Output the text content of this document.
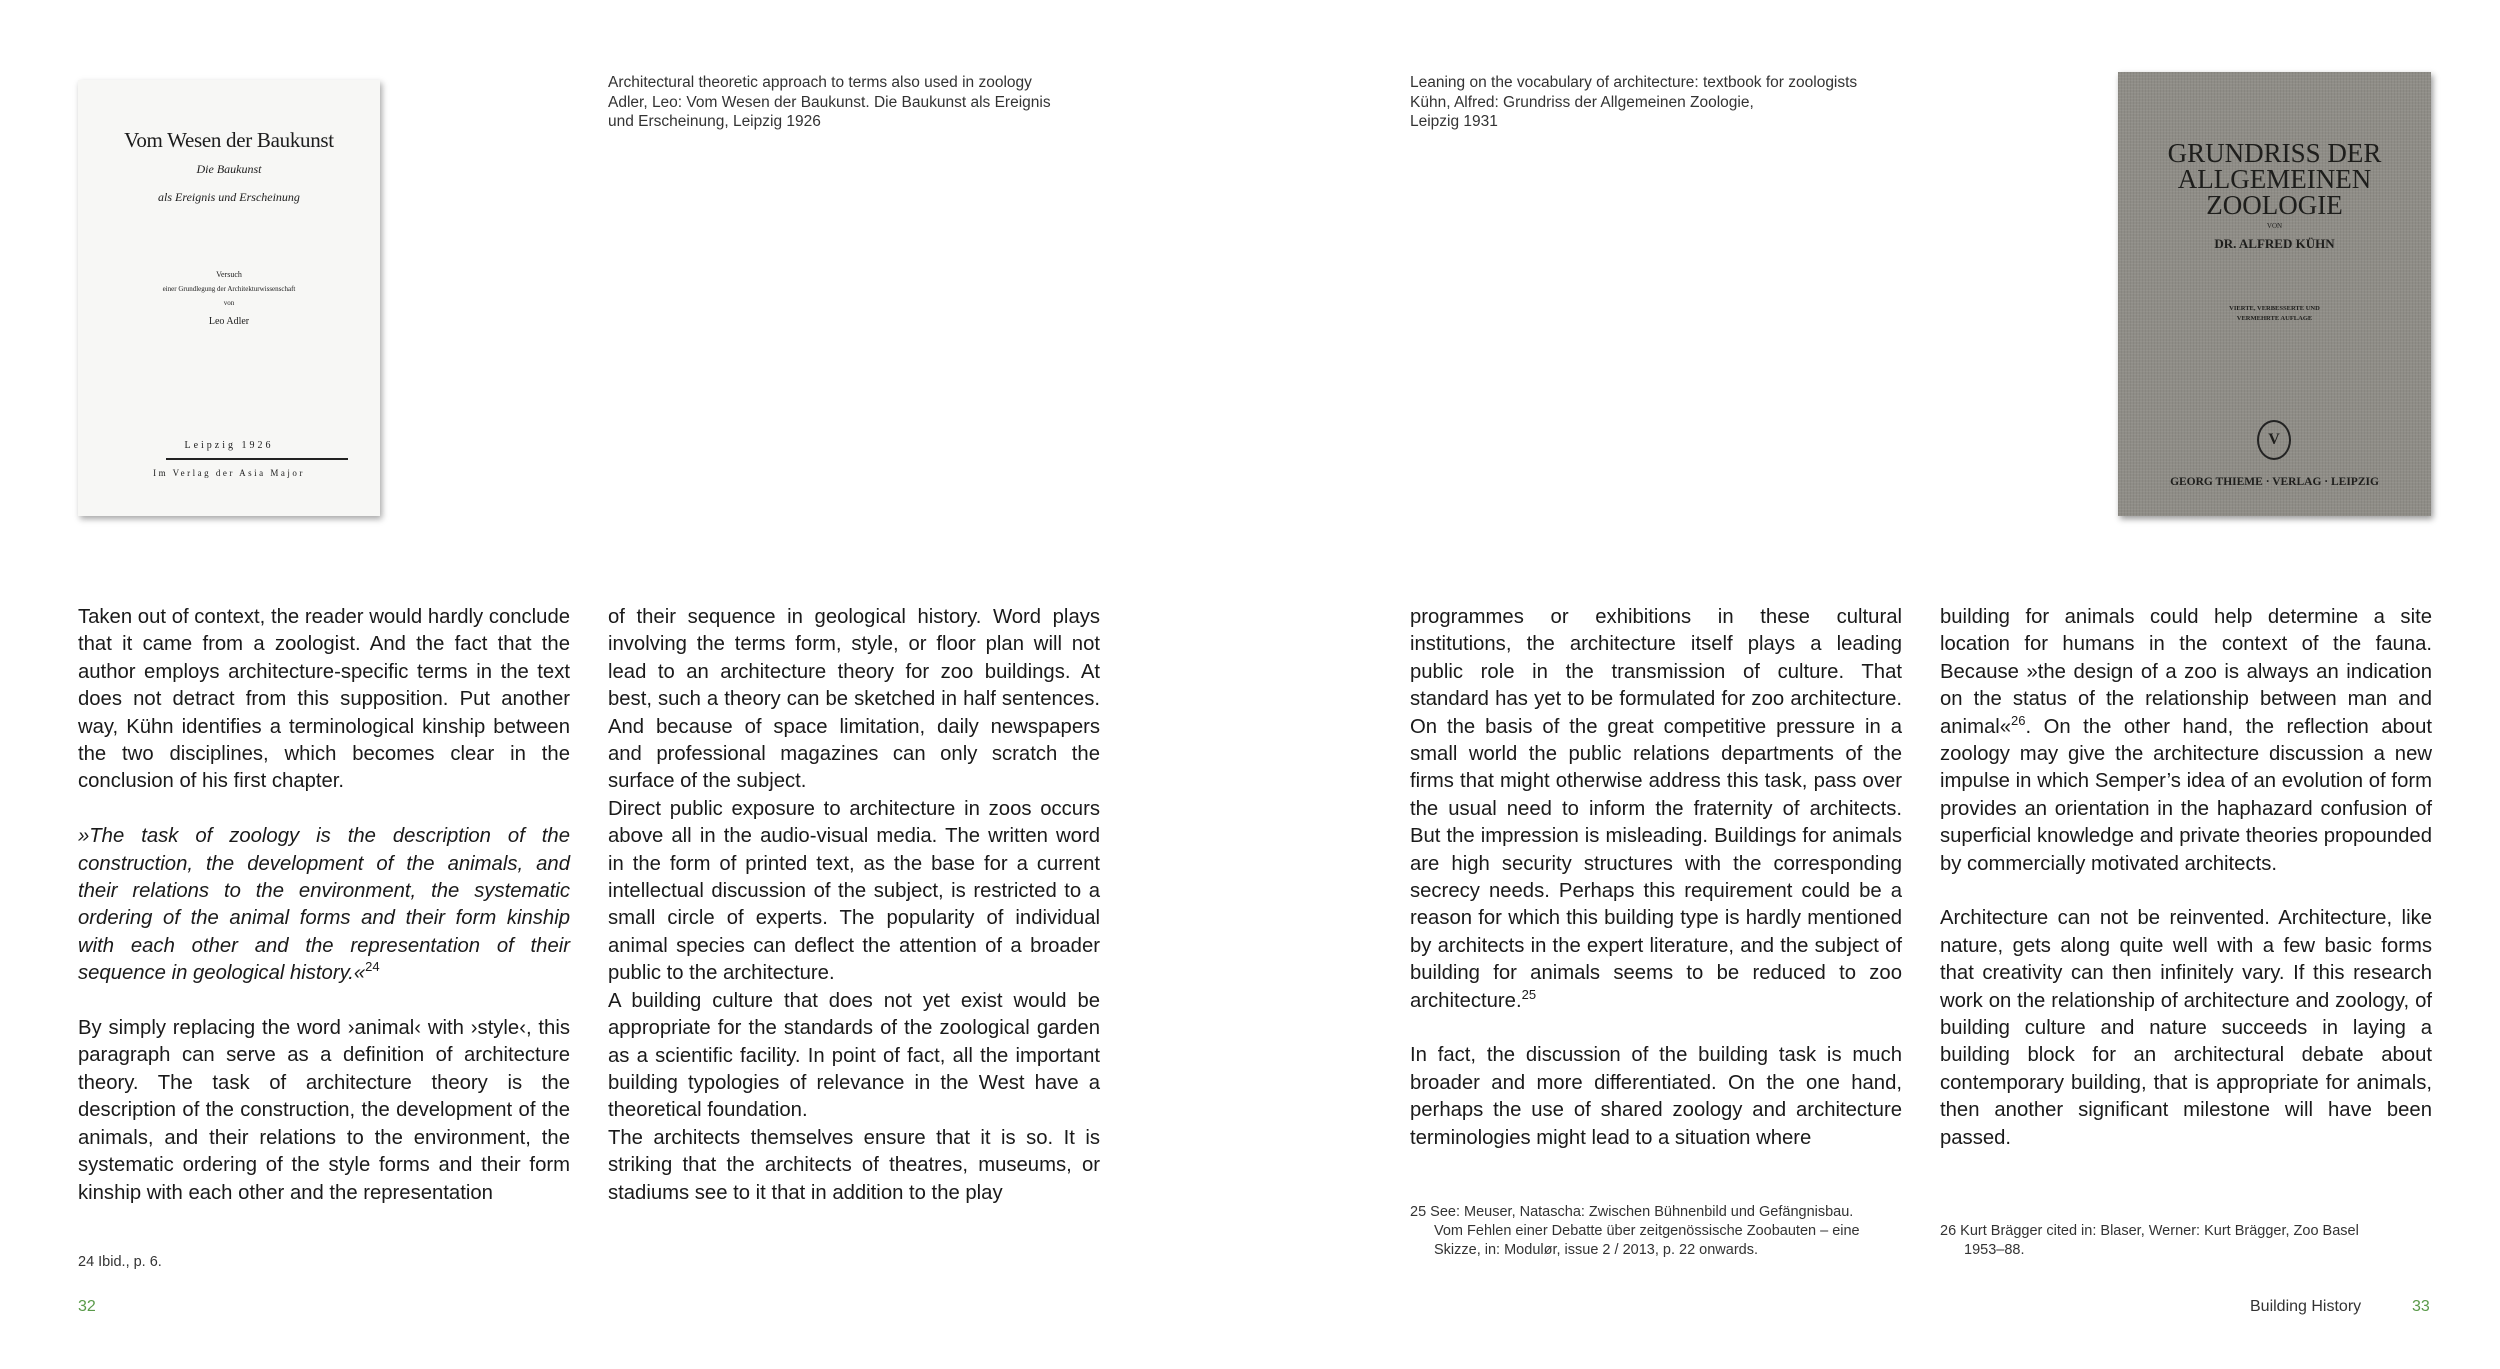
Vom Wesen der Baukunst
Die Baukunst
als Ereignis und Erscheinung
Versuch
einer Grundlegung der Architekturwissenschaft
von
Leo Adler
Leipzig 1926
Im Verlag der Asia Major
Architectural theoretic approach to terms also used in zoology
Adler, Leo: Vom Wesen der Baukunst. Die Baukunst als Ereignis
und Erscheinung, Leipzig 1926

Taken out of context, the reader would hardly conclude that it came from a zoologist. And the fact that the author employs architecture-specific terms in the text does not detract from this supposition. Put another way, Kühn identifies a terminological kinship between the two disciplines, which becomes clear in the conclusion of his first chapter.

»The task of zoology is the description of the construction, the development of the animals, and their relations to the environment, the systematic ordering of the animal forms and their form kinship with each other and the representation of their sequence in geological history.«$^{24}$

By simply replacing the word ›animal‹ with ›style‹, this paragraph can serve as a definition of architecture theory. The task of architecture theory is the description of the construction, the development of the animals, and their relations to the environment, the systematic ordering of the style forms and their form kinship with each other and the representation

of their sequence in geological history. Word plays involving the terms form, style, or floor plan will not lead to an architecture theory for zoo buildings. At best, such a theory can be sketched in half sentences. And because of space limitation, daily newspapers and professional magazines can only scratch the surface of the subject.

Direct public exposure to architecture in zoos occurs above all in the audio-visual media. The written word in the form of printed text, as the base for a current intellectual discussion of the subject, is restricted to a small circle of experts. The popularity of individual animal species can deflect the attention of a broader public to the architecture.

A building culture that does not yet exist would be appropriate for the standards of the zoological garden as a scientific facility. In point of fact, all the important building typologies of relevance in the West have a theoretical foundation.

The architects themselves ensure that it is so. It is striking that the architects of theatres, museums, or stadiums see to it that in addition to the play

24 Ibid., p. 6.
32
Leaning on the vocabulary of architecture: textbook for zoologists
Kühn, Alfred: Grundriss der Allgemeinen Zoologie,
Leipzig 1931
GRUNDRISS DER
ALLGEMEINEN
ZOOLOGIE
VON
DR. ALFRED KÜHN
VIERTE, VERBESSERTE UND
VERMEHRTE AUFLAGE
V
GEORG THIEME · VERLAG · LEIPZIG

programmes or exhibitions in these cultural institutions, the architecture itself plays a leading public role in the transmission of culture. That standard has yet to be formulated for zoo architecture. On the basis of the great competitive pressure in a small world the public relations departments of the firms that might otherwise address this task, pass over the usual need to inform the fraternity of architects. But the impression is misleading. Buildings for animals are high security structures with the corresponding secrecy needs. Perhaps this requirement could be a reason for which this building type is hardly mentioned by architects in the expert literature, and the subject of building for animals seems to be reduced to zoo architecture.$^{25}$

In fact, the discussion of the building task is much broader and more differentiated. On the one hand, perhaps the use of shared zoology and architecture terminologies might lead to a situation where

building for animals could help determine a site location for humans in the context of the fauna. Because »the design of a zoo is always an indication on the status of the relationship between man and animal«$^{26}$. On the other hand, the reflection about zoology may give the architecture discussion a new impulse in which Semper’s idea of an evolution of form provides an orientation in the haphazard confusion of superficial knowledge and private theories propounded by commercially motivated architects.

Architecture can not be reinvented. Architecture, like nature, gets along quite well with a few basic forms that creativity can then infinitely vary. If this research work on the relationship of architecture and zoology, of building culture and nature succeeds in laying a building block for an architectural debate about contemporary building, that is appropriate for animals, then another significant milestone will have been passed.

25 See: Meuser, Natascha: Zwischen Bühnenbild und Gefängnisbau.
Vom Fehlen einer Debatte über zeitgenössische Zoobauten – eine Skizze, in: Modulør, issue 2 / 2013, p. 22 onwards.
26 Kurt Brägger cited in: Blaser, Werner: Kurt Brägger, Zoo Basel
1953–88.
Building History	33
